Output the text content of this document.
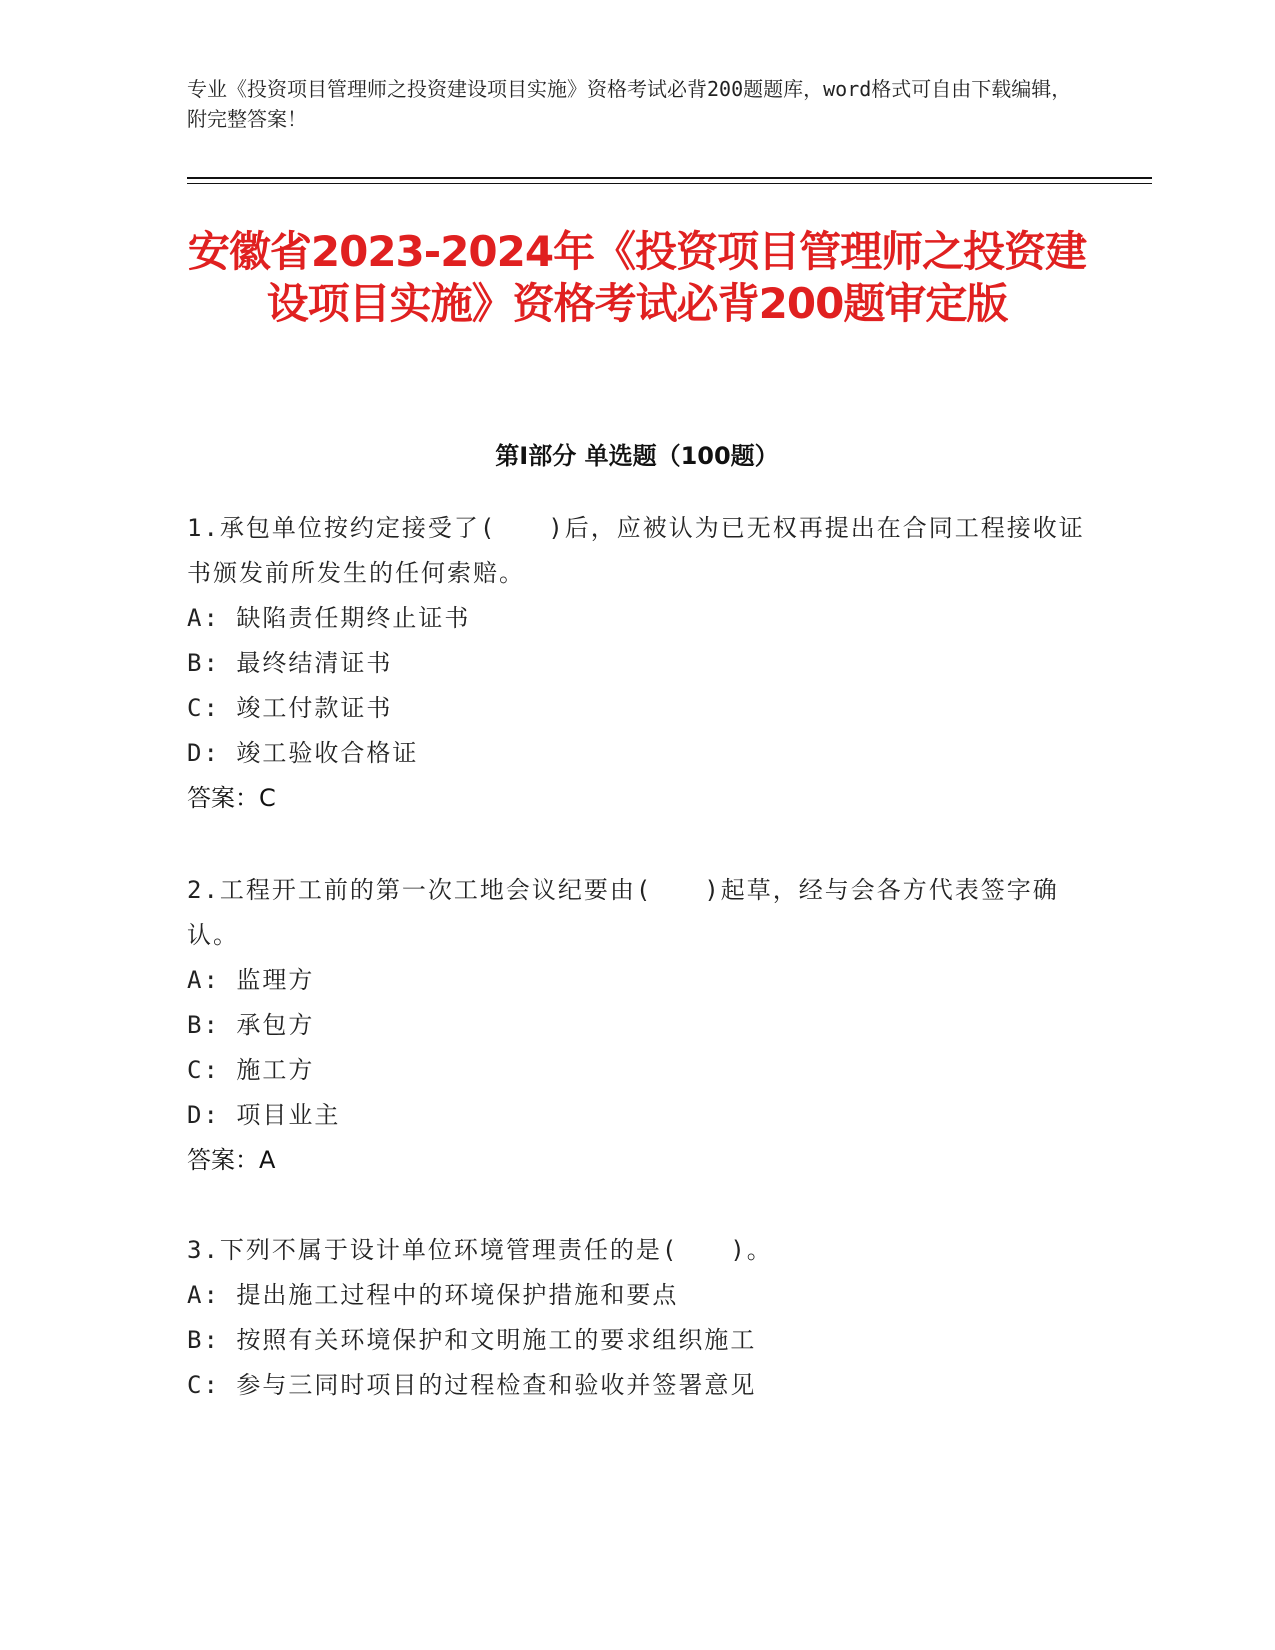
专业《投资项目管理师之投资建设项目实施》资格考试必背200题题库，word格式可自由下载编辑，附完整答案！
安徽省2023-2024年《投资项目管理师之投资建设项目实施》资格考试必背200题审定版
第I部分 单选题（100题）
1.承包单位按约定接受了(　　)后，应被认为已无权再提出在合同工程接收证书颁发前所发生的任何索赔。
A: 缺陷责任期终止证书
B: 最终结清证书
C: 竣工付款证书
D: 竣工验收合格证
答案：C
2.工程开工前的第一次工地会议纪要由(　　)起草，经与会各方代表签字确认。
A: 监理方
B: 承包方
C: 施工方
D: 项目业主
答案：A
3.下列不属于设计单位环境管理责任的是(　　)。
A: 提出施工过程中的环境保护措施和要点
B: 按照有关环境保护和文明施工的要求组织施工
C: 参与三同时项目的过程检查和验收并签署意见
